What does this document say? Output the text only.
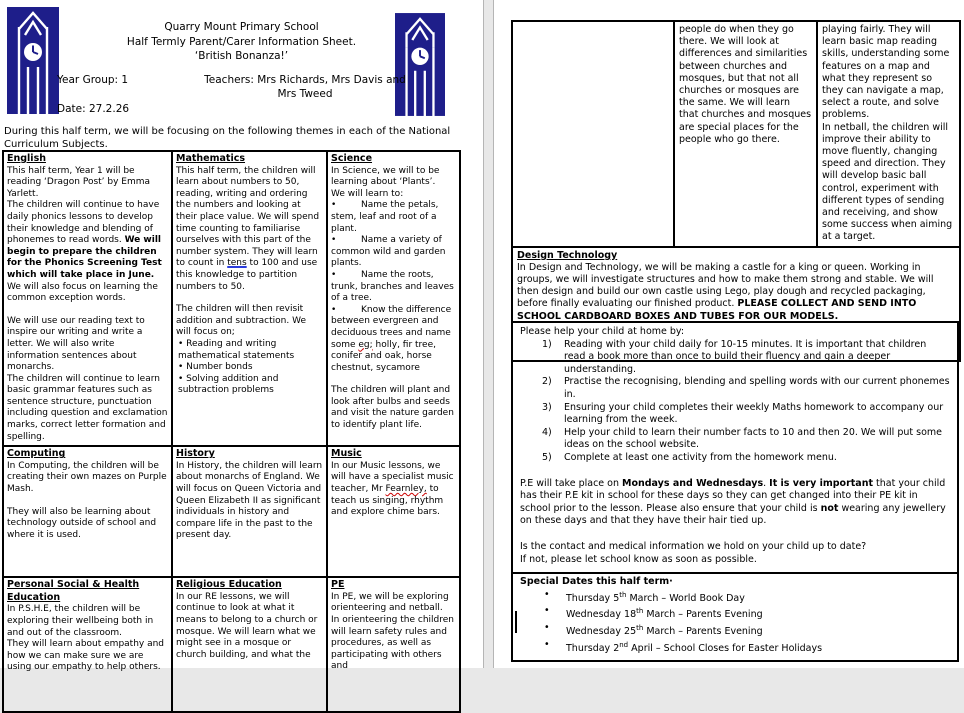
Quarry Mount Primary School
Half Termly Parent/Carer Information Sheet.
‘British Bonanza!’
Year Group: 1	Teachers: Mrs Richards, Mrs Davis and
Mrs Tweed
Date: 27.2.26
During this half term, we will be focusing on the following themes in each of the National Curriculum Subjects.
English
This half term, Year 1 will be reading ‘Dragon Post’ by Emma Yarlett.
The children will continue to have daily phonics lessons to develop their knowledge and blending of phonemes to read words. We will begin to prepare the children for the Phonics Screening Test which will take place in June.
We will also focus on learning the common exception words.
We will use our reading text to inspire our writing and write a letter. We will also write information sentences about monarchs.
The children will continue to learn basic grammar features such as sentence structure, punctuation including question and exclamation marks, correct letter formation and spelling.

Mathematics
This half term, the children will learn about numbers to 50, reading, writing and ordering the numbers and looking at their place value. We will spend time counting to familiarise ourselves with this part of the number system. They will learn to count in tens to 100 and use this knowledge to partition numbers to 50.
The children will then revisit addition and subtraction. We will focus on;
• Reading and writing mathematical statements
• Number bonds
• Solving addition and subtraction problems

Science
In Science, we will to be learning about ‘Plants’.
We will learn to:
•	Name the petals, stem, leaf and root of a plant.
•	Name a variety of common wild and garden plants.
•	Name the roots, trunk, branches and leaves of a tree.
•	Know the difference between evergreen and deciduous trees and name some eg; holly, fir tree, conifer and oak, horse chestnut, sycamore
The children will plant and look after bulbs and seeds and visit the nature garden to identify plant life.

Computing
In Computing, the children will be creating their own mazes on Purple Mash.
They will also be learning about technology outside of school and where it is used.

History
In History, the children will learn about monarchs of England. We will focus on Queen Victoria and Queen Elizabeth II as significant individuals in history and compare life in the past to the present day.

Music
In our Music lessons, we will have a specialist music teacher, Mr Fearnley, to teach us singing, rhythm and explore chime bars.

Personal Social & Health Education
In P.S.H.E, the children will be exploring their wellbeing both in and out of the classroom.
They will learn about empathy and how we can make sure we are using our empathy to help others.

Religious Education
In our RE lessons, we will continue to look at what it means to belong to a church or mosque. We will learn what we might see in a mosque or church building, and what the

PE
In PE, we will be exploring orienteering and netball.
In orienteering the children will learn safety rules and procedures, as well as participating with others and

people do when they go there. We will look at differences and similarities between churches and mosques, but that not all churches or mosques are the same. We will learn that churches and mosques are special places for the people who go there.

playing fairly. They will learn basic map reading skills, understanding some features on a map and what they represent so they can navigate a map, select a route, and solve problems.
In netball, the children will improve their ability to move fluently, changing speed and direction. They will develop basic ball control, experiment with different types of sending and receiving, and show some success when aiming at a target.

Design Technology
In Design and Technology, we will be making a castle for a king or queen. Working in groups, we will investigate structures and how to make them strong and stable. We will then design and build our own castle using Lego, play dough and recycled packaging, before finally evaluating our finished product. PLEASE COLLECT AND SEND INTO SCHOOL CARDBOARD BOXES AND TUBES FOR OUR MODELS.
Please help your child at home by:
1)	Reading with your child daily for 10-15 minutes. It is important that children read a book more than once to build their fluency and gain a deeper understanding.
2)	Practise the recognising, blending and spelling words with our current phonemes in.
3)	Ensuring your child completes their weekly Maths homework to accompany our learning from the week.
4)	Help your child to learn their number facts to 10 and then 20. We will put some ideas on the school website.
5)	Complete at least one activity from the homework menu.
P.E will take place on Mondays and Wednesdays. It is very important that your child has their P.E kit in school for these days so they can get changed into their PE kit in school prior to the lesson. Please also ensure that your child is not wearing any jewellery on these days and that they have their hair tied up.
Is the contact and medical information we hold on your child up to date?
If not, please let school know as soon as possible.
Special Dates this half term·
•	Thursday 5th March – World Book Day
•	Wednesday 18th March – Parents Evening
•	Wednesday 25th March – Parents Evening
•	Thursday 2nd April – School Closes for Easter Holidays
